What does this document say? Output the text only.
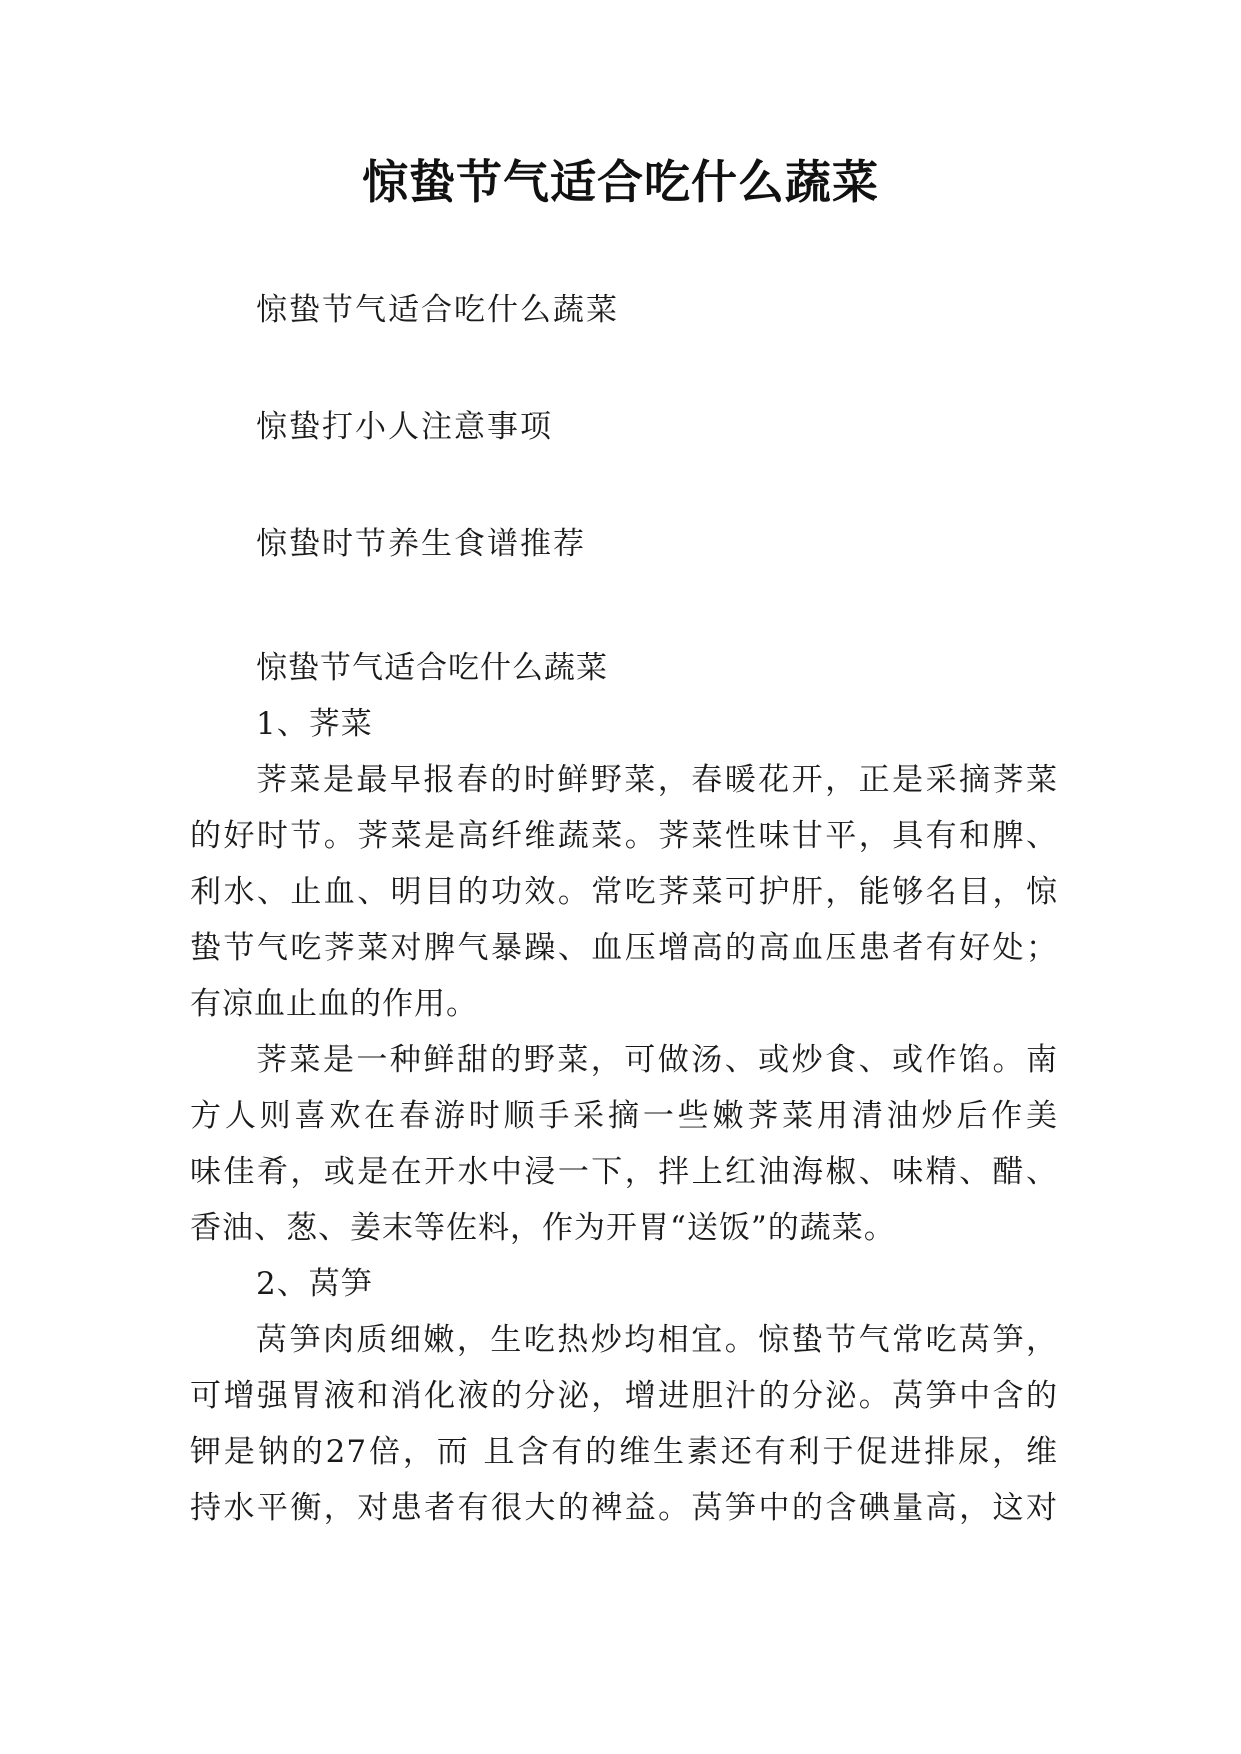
惊蛰节气适合吃什么蔬菜
惊蛰节气适合吃什么蔬菜
惊蛰打小人注意事项
惊蛰时节养生食谱推荐
惊蛰节气适合吃什么蔬菜
1、荠菜
荠菜是最早报春的时鲜野菜，春暖花开，正是采摘荠菜
的好时节。荠菜是高纤维蔬菜。荠菜性味甘平，具有和脾、
利水、止血、明目的功效。常吃荠菜可护肝，能够名目，惊
蛰节气吃荠菜对脾气暴躁、血压增高的高血压患者有好处；
有凉血止血的作用。
荠菜是一种鲜甜的野菜，可做汤、或炒食、或作馅。南
方人则喜欢在春游时顺手采摘一些嫩荠菜用清油炒后作美
味佳肴，或是在开水中浸一下，拌上红油海椒、味精、醋、
香油、葱、姜末等佐料，作为开胃“送饭”的蔬菜。
2、莴笋
莴笋肉质细嫩，生吃热炒均相宜。惊蛰节气常吃莴笋，
可增强胃液和消化液的分泌，增进胆汁的分泌。莴笋中含的
钾是钠的27倍，而 且含有的维生素还有利于促进排尿，维
持水平衡，对患者有很大的裨益。莴笋中的含碘量高，这对
